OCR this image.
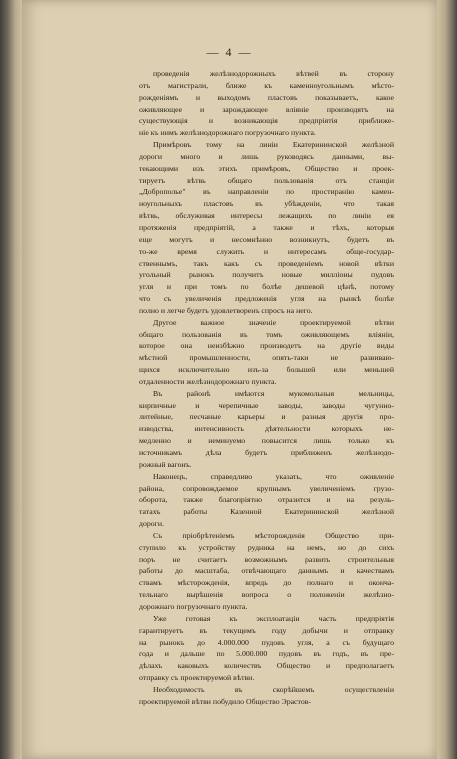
— 4 —
проведенія желѣзнодорожныхъ вѣтвей въ сторону
отъ магистрали, ближе къ каменноугольнымъ мѣсто-
рожденіямъ и выходомъ пластовъ показываетъ, какое
оживляющее и зарождающее вліяніе производятъ на
существующія и возникающія предпріятія приближе-
ніе къ нимъ желѣзнодорожнаго погрузочнаго пункта.
Примѣровъ тому на линіи Екатерининской желѣзной
дороги много и лишь руководясь данными, вы-
текающими изъ этихъ примѣровъ, Общество и проек-
тируетъ вѣтвь общаго пользованія отъ станціи
„Доброполье" въ направленіи по простиранію камен-
ноугольныхъ пластовъ въ убѣжденіи, что такая
вѣтвь, обслуживая интересы лежащихъ по линіи ея
протяженія предпріятій, а также и тѣхъ, которыя
еще могутъ и несомнѣнно возникнутъ, будетъ въ
то-же время служить и интересамъ обще-государ-
ственнымъ, такъ какъ съ проведеніемъ новой вѣтки
угольный рынокъ получитъ новые милліоны пудовъ
угля и при томъ по болѣе дешевой цѣнѣ, потому
что съ увеличенія предложенія угля на рынкѣ болѣе
полно и легче будетъ удовлетворенъ спросъ на него.
Другое важное значеніе проектируемой вѣтви
общаго пользованія въ томъ оживляющемъ вліяніи,
которое она неизбѣжно производетъ на другіе виды
мѣстной промышленности, опять-таки не развиваю-
щихся исключительно изъ-за большей или меньшей
отдаленности желѣзнодорожнаго пункта.
Въ районѣ имѣются мукомольныя мельницы,
кирпичные и черепичные заводы, заводы чугунно-
литейные, песчаные карьеры и разныя другія про-
изводства, интенсивность дѣятельности которыхъ не-
медленно и неминуемо повысится лишь только къ
источникамъ дѣла будетъ приближенъ желѣзнодо-
рожный вагонъ.
Наконецъ, справедливо указать, что оживленіе
района, сопровождаемое крупнымъ увеличеніемъ грузо-
оборота, также благопріятно отразится и на резуль-
татахъ работы Казенной Екатерининской желѣзной
дороги.
Съ пріобрѣтеніемъ мѣсторожденія Общество при-
ступило къ устройству рудника на немъ, но до сихъ
поръ не считаетъ возможнымъ развить строительныя
работы до масштаба, отвѣчающаго даннымъ и качествамъ
ствамъ мѣсторожденія, впредь до полнаго и оконча-
тельнаго вырѣшенія вопроса о положеніи желѣзно-
дорожнаго погрузочнаго пункта.
Уже готовая къ эксплоатаціи часть предпріятія
гарантируетъ въ текущемъ году добычи и отправку
на рынокъ до 4.000.000 пудовъ угля, а съ будущаго
года и дальше по 5.000.000 пудовъ въ годъ, въ пре-
дѣлахъ каковыхъ количествъ Общество и предполагаетъ
отправку съ проектируемой вѣтви.
Необходимость въ скорѣйшемъ осуществленіи
проектируемой вѣтви побудило Общество Эрастов-
